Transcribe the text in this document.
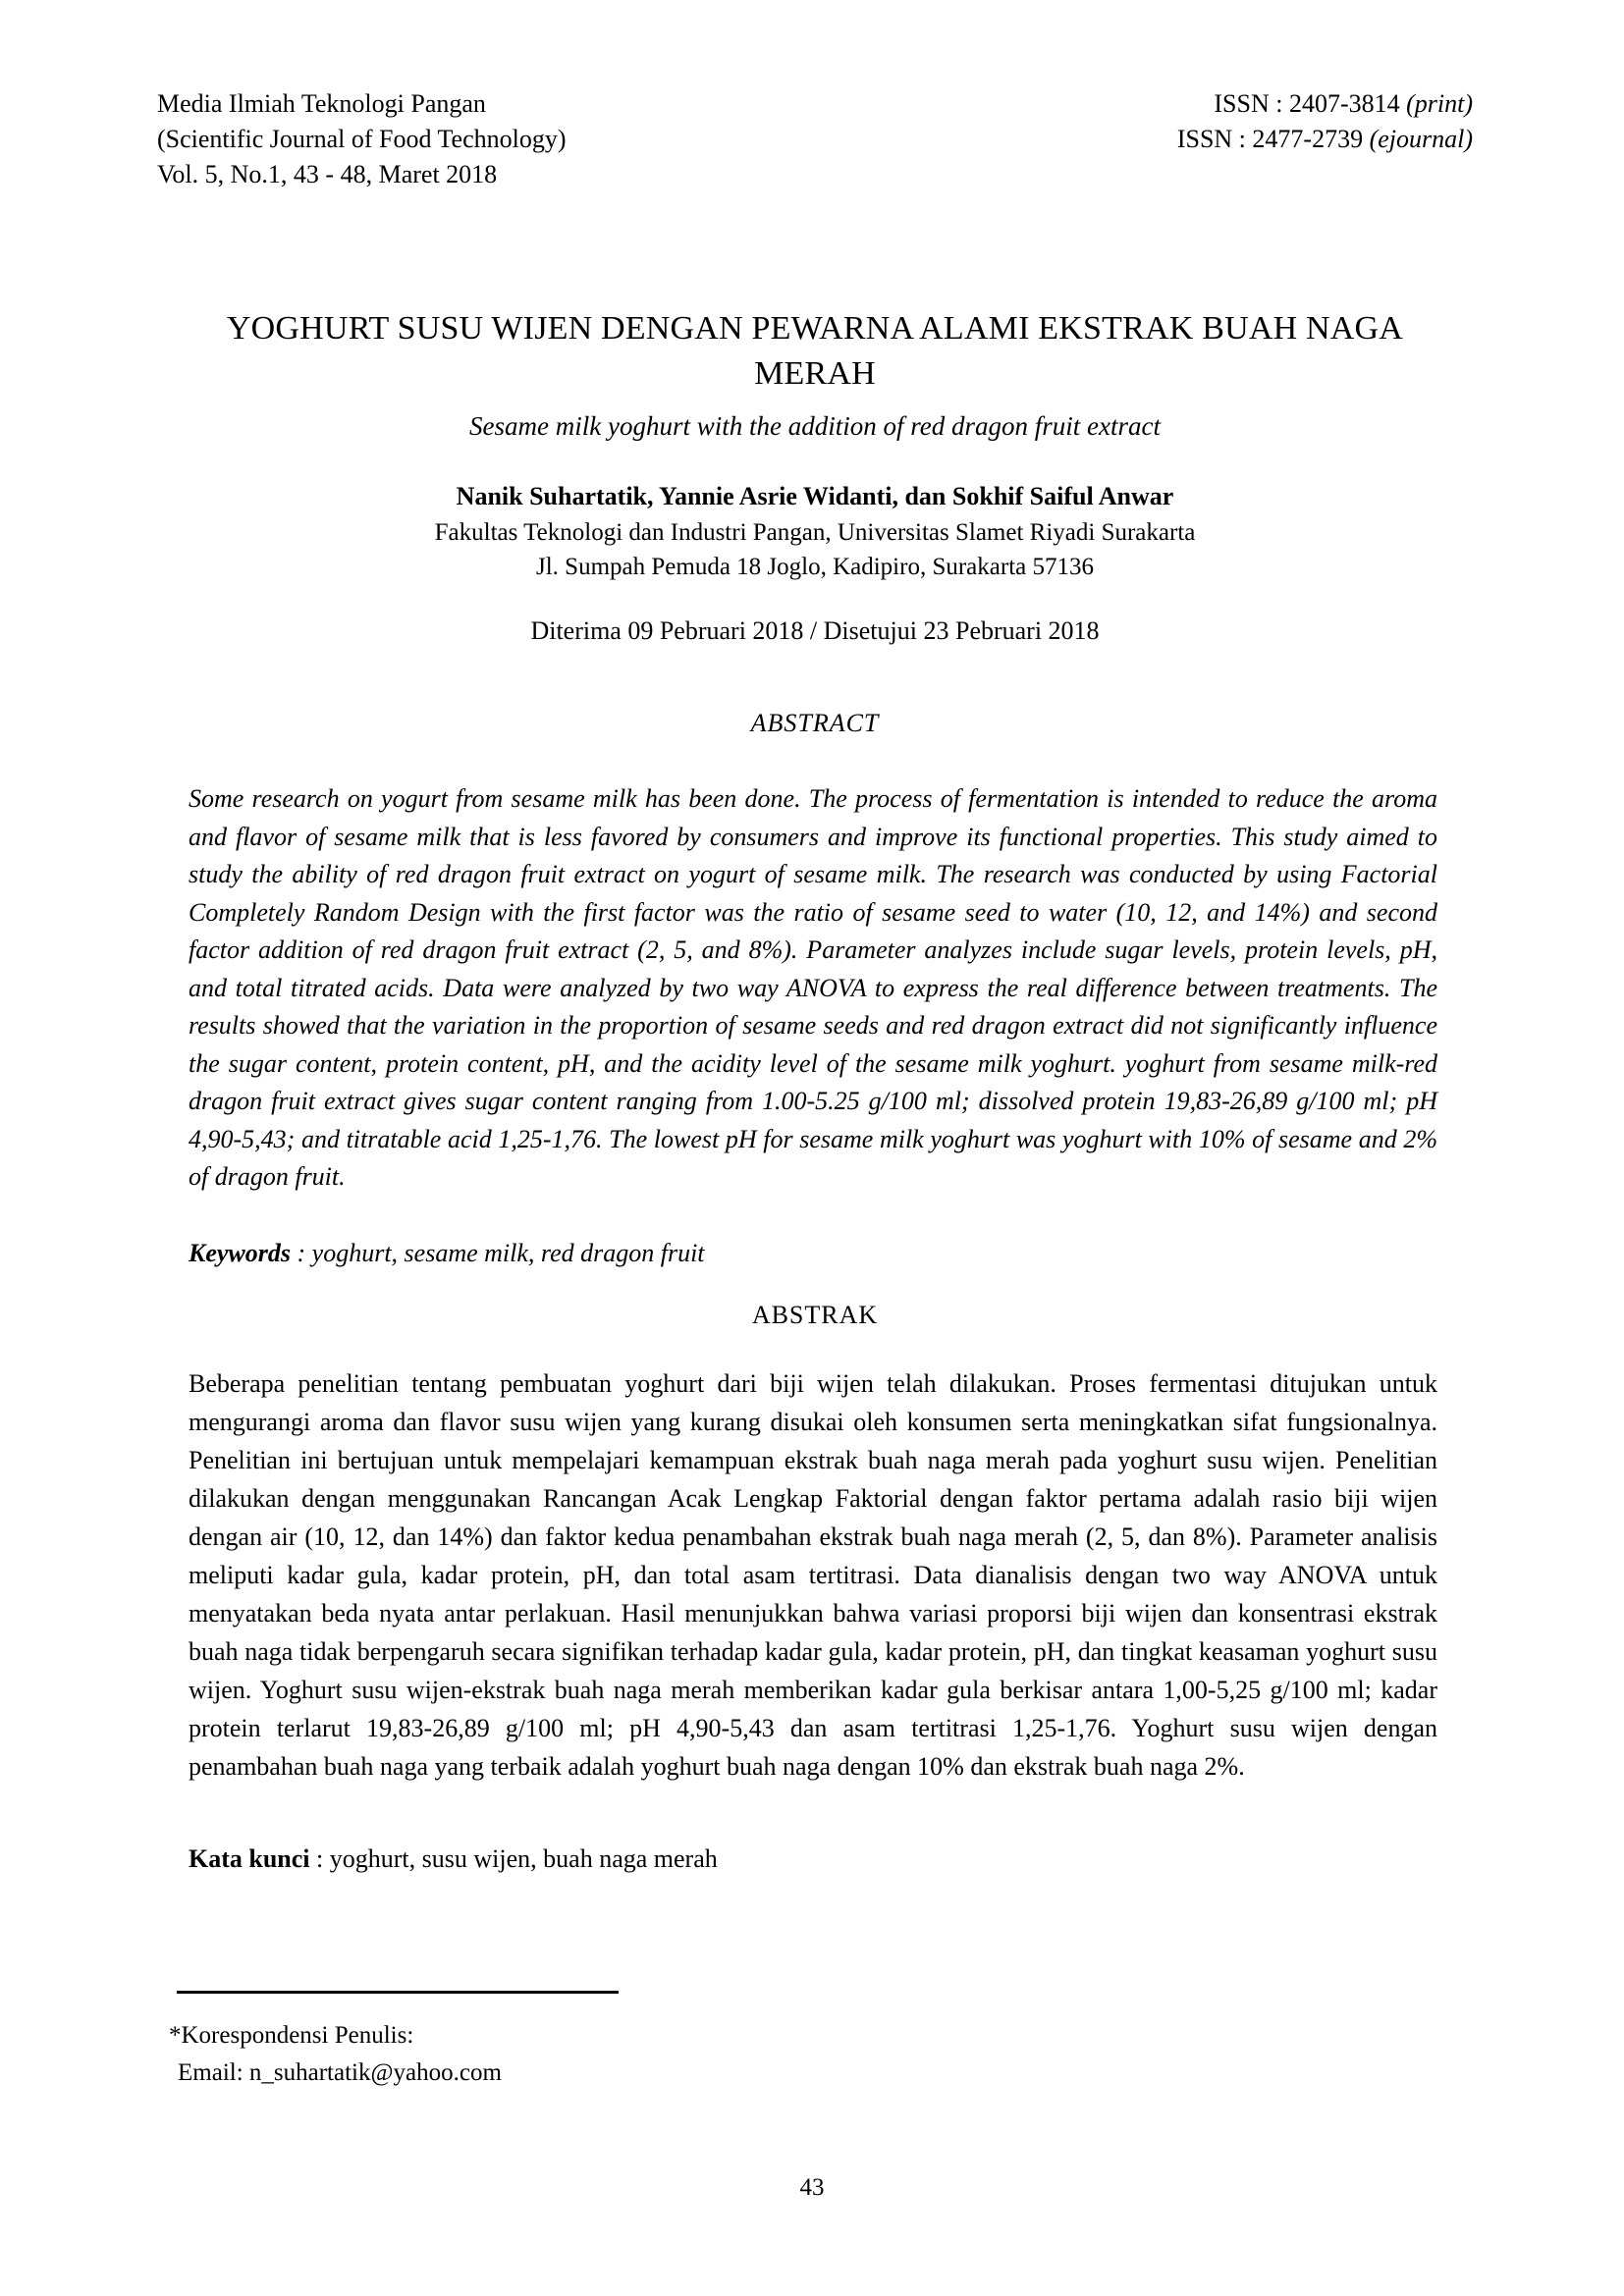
Media Ilmiah Teknologi Pangan
(Scientific Journal of Food Technology)
Vol. 5, No.1, 43 - 48, Maret 2018
ISSN : 2407-3814 (print)
ISSN : 2477-2739 (ejournal)
YOGHURT SUSU WIJEN DENGAN PEWARNA ALAMI EKSTRAK BUAH NAGA MERAH
Sesame milk yoghurt with the addition of red dragon fruit extract
Nanik Suhartatik, Yannie Asrie Widanti, dan Sokhif Saiful Anwar
Fakultas Teknologi dan Industri Pangan, Universitas Slamet Riyadi Surakarta
Jl. Sumpah Pemuda 18 Joglo, Kadipiro, Surakarta 57136
Diterima 09 Pebruari 2018 / Disetujui 23 Pebruari 2018
ABSTRACT
Some research on yogurt from sesame milk has been done. The process of fermentation is intended to reduce the aroma and flavor of sesame milk that is less favored by consumers and improve its functional properties. This study aimed to study the ability of red dragon fruit extract on yogurt of sesame milk. The research was conducted by using Factorial Completely Random Design with the first factor was the ratio of sesame seed to water (10, 12, and 14%) and second factor addition of red dragon fruit extract (2, 5, and 8%). Parameter analyzes include sugar levels, protein levels, pH, and total titrated acids. Data were analyzed by two way ANOVA to express the real difference between treatments. The results showed that the variation in the proportion of sesame seeds and red dragon extract did not significantly influence the sugar content, protein content, pH, and the acidity level of the sesame milk yoghurt. yoghurt from sesame milk-red dragon fruit extract gives sugar content ranging from 1.00-5.25 g/100 ml; dissolved protein 19,83-26,89 g/100 ml; pH 4,90-5,43; and titratable acid 1,25-1,76. The lowest pH for sesame milk yoghurt was yoghurt with 10% of sesame and 2% of dragon fruit.
Keywords : yoghurt, sesame milk, red dragon fruit
ABSTRAK
Beberapa penelitian tentang pembuatan yoghurt dari biji wijen telah dilakukan. Proses fermentasi ditujukan untuk mengurangi aroma dan flavor susu wijen yang kurang disukai oleh konsumen serta meningkatkan sifat fungsionalnya. Penelitian ini bertujuan untuk mempelajari kemampuan ekstrak buah naga merah pada yoghurt susu wijen. Penelitian dilakukan dengan menggunakan Rancangan Acak Lengkap Faktorial dengan faktor pertama adalah rasio biji wijen dengan air (10, 12, dan 14%) dan faktor kedua penambahan ekstrak buah naga merah (2, 5, dan 8%). Parameter analisis meliputi kadar gula, kadar protein, pH, dan total asam tertitrasi. Data dianalisis dengan two way ANOVA untuk menyatakan beda nyata antar perlakuan. Hasil menunjukkan bahwa variasi proporsi biji wijen dan konsentrasi ekstrak buah naga tidak berpengaruh secara signifikan terhadap kadar gula, kadar protein, pH, dan tingkat keasaman yoghurt susu wijen. Yoghurt susu wijen-ekstrak buah naga merah memberikan kadar gula berkisar antara 1,00-5,25 g/100 ml; kadar protein terlarut 19,83-26,89 g/100 ml; pH 4,90-5,43 dan asam tertitrasi 1,25-1,76. Yoghurt susu wijen dengan penambahan buah naga yang terbaik adalah yoghurt buah naga dengan 10% dan ekstrak buah naga 2%.
Kata kunci : yoghurt, susu wijen, buah naga merah
*Korespondensi Penulis:
Email: n_suhartatik@yahoo.com
43
